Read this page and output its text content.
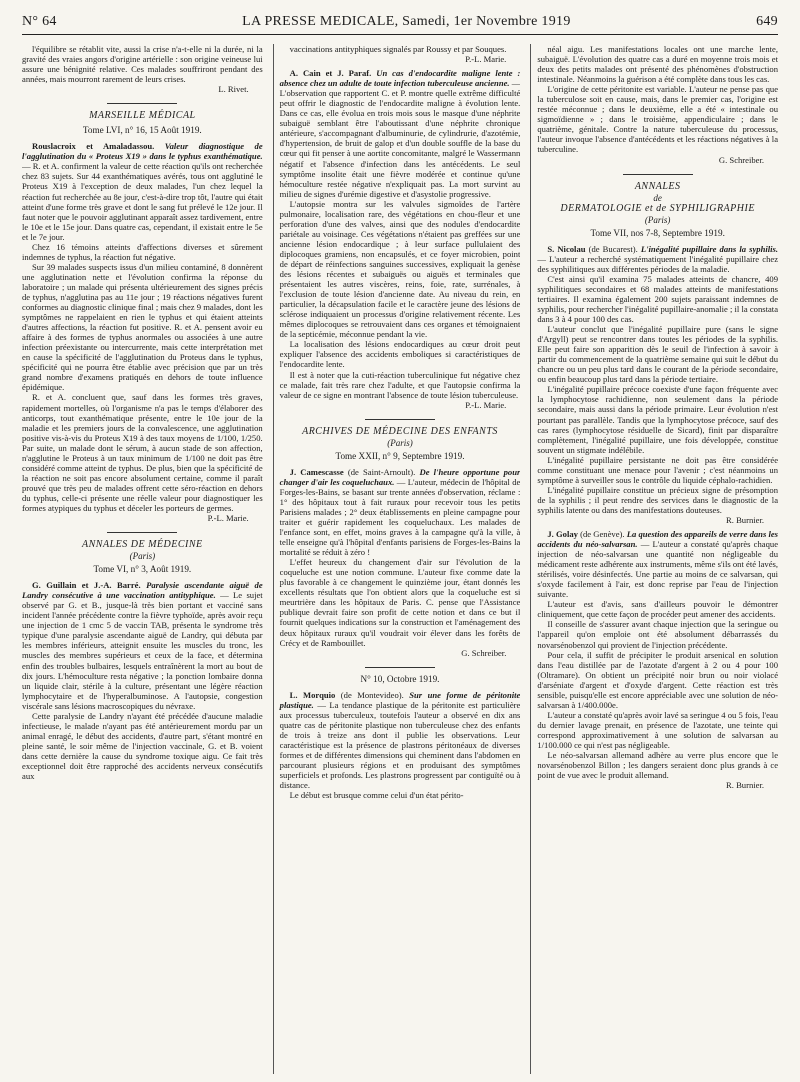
N° 64	LA PRESSE MEDICALE, Samedi, 1er Novembre 1919	649

l'équilibre se rétablit vite, aussi la crise n'a-t-elle ni la durée, ni la gravité des vraies angors d'origine artérielle : son origine veineuse lui assure une bénignité relative. Ces malades souffriront pendant des années, mais mourront rarement de leurs crises.

L. Rivet.

MARSEILLE MÉDICAL

Tome LVI, n° 16, 15 Août 1919.

Rouslacroix et Amaladassou. Valeur diagnostique de l'agglutination du « Proteus X19 » dans le typhus exanthématique. — R. et A. confirment la valeur de cette réaction qu'ils ont recherchée chez 83 sujets. Sur 44 exanthématiques avérés, tous ont agglutiné le Proteus X19 à l'exception de deux malades, l'un chez lequel la réaction fut recherchée au 8e jour, c'est-à-dire trop tôt, l'autre qui était atteint d'une forme très grave et dont le sang fut prélevé le 12e jour. Il faut noter que le pouvoir agglutinant apparaît assez tardivement, entre le 10e et le 15e jour. Dans quatre cas, cependant, il existait entre le 5e et le 7e jour.

Chez 16 témoins atteints d'affections diverses et sûrement indemnes de typhus, la réaction fut négative.

Sur 39 malades suspects issus d'un milieu contaminé, 8 donnèrent une agglutination nette et l'évolution confirma la réponse du laboratoire ; un malade qui présenta ultérieurement des signes précis de typhus, n'agglutina pas au 11e jour ; 19 réactions négatives furent conformes au diagnostic clinique final ; mais chez 9 malades, dont les symptômes ne rappelaient en rien le typhus et qui étaient atteints d'autres affections, la réaction fut positive. R. et A. pensent avoir eu affaire à des formes de typhus anormales ou associées à une autre infection préexistante ou intercurrente, mais cette interprétation met en cause la spécificité de l'agglutination du Proteus dans le typhus, spécificité qui ne pourra être établie avec précision que par un très grand nombre d'examens pratiqués en dehors de toute influence épidémique.

R. et A. concluent que, sauf dans les formes très graves, rapidement mortelles, où l'organisme n'a pas le temps d'élaborer des anticorps, tout exanthématique présente, entre le 10e jour de la maladie et les premiers jours de la convalescence, une agglutination positive vis-à-vis du Proteus X19 à des taux moyens de 1/100, 1/250. Par suite, un malade dont le sérum, à aucun stade de son affection, n'agglutine le Proteus à un taux minimum de 1/100 ne doit pas être considéré comme atteint de typhus. De plus, bien que la spécificité de la réaction ne soit pas encore absolument certaine, comme il paraît prouvé que très peu de malades offrent cette séro-réaction en dehors du typhus, celle-ci présente une réelle valeur pour diagnostiquer les formes atypiques du typhus et déceler les porteurs de germes.

P.-L. Marie.

ANNALES DE MÉDECINE

(Paris)

Tome VI, n° 3, Août 1919.

G. Guillain et J.-A. Barré. Paralysie ascendante aiguë de Landry consécutive à une vaccination antityphique. — Le sujet observé par G. et B., jusque-là très bien portant et vacciné sans incident l'année précédente contre la fièvre typhoïde, après avoir reçu une injection de 1 cmc 5 de vaccin TAB, présenta le syndrome très typique d'une paralysie ascendante aiguë de Landry, qui débuta par les membres inférieurs, atteignit ensuite les muscles du tronc, les muscles des membres supérieurs et ceux de la face, et détermina enfin des troubles bulbaires, lesquels entraînèrent la mort au bout de dix jours. L'hémoculture resta négative ; la ponction lombaire donna un liquide clair, stérile à la culture, présentant une légère réaction lymphocytaire et de l'hyperalbuminose. A l'autopsie, congestion viscérale sans lésions macroscopiques du névraxe.

Cette paralysie de Landry n'ayant été précédée d'aucune maladie infectieuse, le malade n'ayant pas été antérieurement mordu par un animal enragé, le début des accidents, d'autre part, s'étant montré en pleine santé, le soir même de l'injection vaccinale, G. et B. voient dans cette dernière la cause du syndrome toxique aigu. Ce fait très exceptionnel doit être rapproché des accidents nerveux consécutifs aux

vaccinations antityphiques signalés par Roussy et par Souques.

P.-L. Marie.

A. Cain et J. Paraf. Un cas d'endocardite maligne lente : absence chez un adulte de toute infection tuberculeuse ancienne. — L'observation que rapportent C. et P. montre quelle extrême difficulté peut offrir le diagnostic de l'endocardite maligne à évolution lente. Dans ce cas, elle évolua en trois mois sous le masque d'une néphrite subaiguë semblant être l'aboutissant d'une néphrite chronique antérieure, s'accompagnant d'albuminurie, de cylindrurie, d'azotémie, d'hypertension, de bruit de galop et d'un double souffle de la base du cœur qui fit penser à une aortite concomitante, malgré le Wassermann négatif et l'absence d'infection dans les antécédents. Le seul symptôme insolite était une fièvre modérée et continue qu'une hémoculture restée négative n'expliquait pas. La mort survint au milieu de signes d'urémie digestive et d'asystolie progressive.

L'autopsie montra sur les valvules sigmoïdes de l'artère pulmonaire, localisation rare, des végétations en chou-fleur et une perforation d'une des valves, ainsi que des nodules d'endocardite pariétale au voisinage. Ces végétations n'étaient pas greffées sur une ancienne lésion endocardique ; à leur surface pullulaient des diplocoques gramiens, non encapsulés, et ce foyer microbien, point de départ de réinfections sanguines successives, expliquait la genèse des lésions récentes et subaiguës ou aiguës et terminales que présentaient les autres viscères, reins, foie, rate, surrénales, à l'exclusion de toute lésion d'ancienne date. Au niveau du rein, en particulier, la décapsulation facile et le caractère jeune des lésions de sclérose indiquaient un processus d'origine relativement récente. Les mêmes diplocoques se retrouvaient dans ces organes et témoignaient de la septicémie, méconnue pendant la vie.

La localisation des lésions endocardiques au cœur droit peut expliquer l'absence des accidents emboliques si caractéristiques de l'endocardite lente.

Il est à noter que la cuti-réaction tuberculinique fut négative chez ce malade, fait très rare chez l'adulte, et que l'autopsie confirma la valeur de ce signe en montrant l'absence de toute lésion tuberculeuse.

P.-L. Marie.

ARCHIVES DE MÉDECINE DES ENFANTS

(Paris)

Tome XXII, n° 9, Septembre 1919.

J. Camescasse (de Saint-Arnoult). De l'heure opportune pour changer d'air les coqueluchaux. — L'auteur, médecin de l'hôpital de Forges-les-Bains, se basant sur trente années d'observation, réclame : 1° des hôpitaux tout à fait ruraux pour recevoir tous les petits Parisiens malades ; 2° deux établissements en pleine campagne pour traiter et guérir rapidement les coqueluchaux. Les malades de l'enfance sont, en effet, moins graves à la campagne qu'à la ville, à telle enseigne qu'à l'hôpital d'enfants parisiens de Forges-les-Bains la mortalité se réduit à zéro !

L'effet heureux du changement d'air sur l'évolution de la coqueluche est une notion commune. L'auteur fixe comme date la plus favorable à ce changement le quinzième jour, étant donnés les excellents résultats que l'on obtient alors que la coqueluche est si meurtrière dans les hôpitaux de Paris. C. pense que l'Assistance publique devrait faire son profit de cette notion et dans ce but il fournit quelques indications sur la construction et l'aménagement des deux hôpitaux ruraux qu'il voudrait voir élever dans les forêts de Crécy et de Rambouillet.

G. Schreiber.

N° 10, Octobre 1919.

L. Morquio (de Montevideo). Sur une forme de péritonite plastique. — La tendance plastique de la péritonite est particulière aux processus tuberculeux, toutefois l'auteur a observé en dix ans quatre cas de péritonite plastique non tuberculeuse chez des enfants de trois à treize ans dont il publie les observations. Leur caractéristique est la présence de plastrons péritonéaux de diverses formes et de différentes dimensions qui cheminent dans l'abdomen en parcourant plusieurs régions et en produisant des symptômes superficiels et profonds. Les plastrons progressent par contiguïté ou à distance.

Le début est brusque comme celui d'un état périto-

néal aigu. Les manifestations locales ont une marche lente, subaiguë. L'évolution des quatre cas a duré en moyenne trois mois et deux des petits malades ont présenté des phénomènes d'obstruction intestinale. Néanmoins la guérison a été complète dans tous les cas.

L'origine de cette péritonite est variable. L'auteur ne pense pas que la tuberculose soit en cause, mais, dans le premier cas, l'origine est restée méconnue ; dans le deuxième, elle a été « intestinale ou sigmoïdienne » ; dans le troisième, appendiculaire ; dans le quatrième, génitale. Contre la nature tuberculeuse du processus, l'auteur invoque l'absence d'antécédents et les réactions négatives à la tuberculine.

G. Schreiber.

ANNALES

de

DERMATOLOGIE et de SYPHILIGRAPHIE

(Paris)

Tome VII, nos 7-8, Septembre 1919.

S. Nicolau (de Bucarest). L'inégalité pupillaire dans la syphilis. — L'auteur a recherché systématiquement l'inégalité pupillaire chez des syphilitiques aux différentes périodes de la maladie.

C'est ainsi qu'il examina 75 malades atteints de chancre, 409 syphilitiques secondaires et 68 malades atteints de manifestations tertiaires. Il examina également 200 sujets paraissant indemnes de syphilis, pour rechercher l'inégalité pupillaire-anomalie ; il la constata dans 3 à 4 pour 100 des cas.

L'auteur conclut que l'inégalité pupillaire pure (sans le signe d'Argyll) peut se rencontrer dans toutes les périodes de la syphilis. Elle peut faire son apparition dès le seuil de l'infection à savoir à partir du commencement de la quatrième semaine qui suit le début du chancre ou un peu plus tard dans le courant de la période secondaire, ou enfin beaucoup plus tard dans la période tertiaire.

L'inégalité pupillaire précoce coexiste d'une façon fréquente avec la lymphocytose rachidienne, non seulement dans la période secondaire, mais aussi dans la période primaire. Leur évolution n'est pourtant pas parallèle. Tandis que la lymphocytose précoce, sauf des cas rares (lymphocytose résiduelle de Sicard), finit par disparaître complètement, l'inégalité pupillaire, une fois développée, constitue souvent un stigmate indélébile.

L'inégalité pupillaire persistante ne doit pas être considérée comme constituant une menace pour l'avenir ; c'est néanmoins un symptôme à surveiller sous le contrôle du liquide céphalo-rachidien.

L'inégalité pupillaire constitue un précieux signe de présomption de la syphilis ; il peut rendre des services dans le diagnostic de la syphilis latente ou dans des manifestations douteuses.

R. Burnier.

J. Golay (de Genève). La question des appareils de verre dans les accidents du néo-salvarsan. — L'auteur a constaté qu'après chaque injection de néo-salvarsan une quantité non négligeable du médicament reste adhérente aux instruments, même s'ils ont été lavés, stérilisés, voire désinfectés. Une partie au moins de ce salvarsan, qui s'oxyde facilement à l'air, est donc reprise par l'eau de l'injection suivante.

L'auteur est d'avis, sans d'ailleurs pouvoir le démontrer cliniquement, que cette façon de procéder peut amener des accidents.

Il conseille de s'assurer avant chaque injection que la seringue ou l'appareil qu'on emploie ont été absolument débarrassés du novarsénobenzol qui provient de l'injection précédente.

Pour cela, il suffit de précipiter le produit arsenical en solution dans l'eau distillée par de l'azotate d'argent à 2 ou 4 pour 100 (Oltramare). On obtient un précipité noir brun ou noir violacé d'arséniate d'argent et d'oxyde d'argent. Cette réaction est très sensible, puisqu'elle est encore appréciable avec une solution de néo-salvarsan à 1/400.000e.

L'auteur a constaté qu'après avoir lavé sa seringue 4 ou 5 fois, l'eau du dernier lavage prenait, en présence de l'azotate, une teinte qui correspond approximativement à une solution de salvarsan au 1/100.000 ce qui n'est pas négligeable.

Le néo-salvarsan allemand adhère au verre plus encore que le novarsénobenzol Billon ; les dangers seraient donc plus grands à ce point de vue avec le produit allemand.

R. Burnier.
